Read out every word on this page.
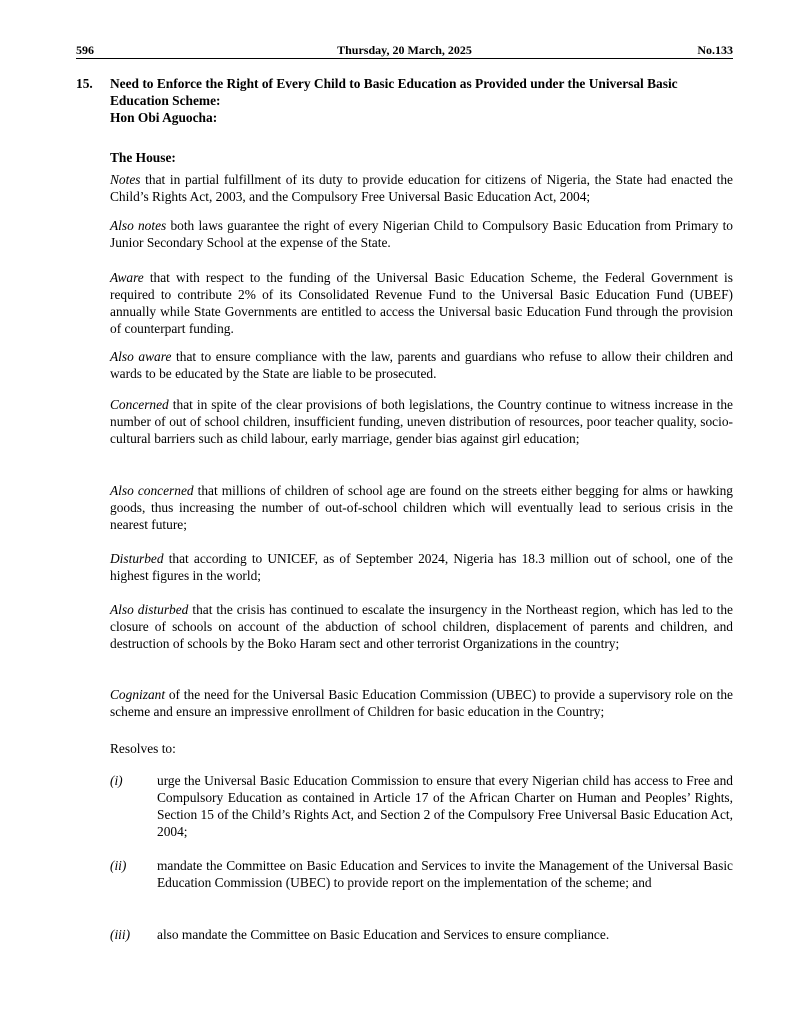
596	Thursday, 20 March, 2025	No.133
15. Need to Enforce the Right of Every Child to Basic Education as Provided under the Universal Basic Education Scheme:
Hon Obi Aguocha:
The House:

Notes that in partial fulfillment of its duty to provide education for citizens of Nigeria, the State had enacted the Child’s Rights Act, 2003, and the Compulsory Free Universal Basic Education Act, 2004;

Also notes both laws guarantee the right of every Nigerian Child to Compulsory Basic Education from Primary to Junior Secondary School at the expense of the State.

Aware that with respect to the funding of the Universal Basic Education Scheme, the Federal Government is required to contribute 2% of its Consolidated Revenue Fund to the Universal Basic Education Fund (UBEF) annually while State Governments are entitled to access the Universal basic Education Fund through the provision of counterpart funding.

Also aware that to ensure compliance with the law, parents and guardians who refuse to allow their children and wards to be educated by the State are liable to be prosecuted.

Concerned that in spite of the clear provisions of both legislations, the Country continue to witness increase in the number of out of school children, insufficient funding, uneven distribution of resources, poor teacher quality, socio-cultural barriers such as child labour, early marriage, gender bias against girl education;

Also concerned that millions of children of school age are found on the streets either begging for alms or hawking goods, thus increasing the number of out-of-school children which will eventually lead to serious crisis in the nearest future;

Disturbed that according to UNICEF, as of September 2024, Nigeria has 18.3 million out of school, one of the highest figures in the world;

Also disturbed that the crisis has continued to escalate the insurgency in the Northeast region, which has led to the closure of schools on account of the abduction of school children, displacement of parents and children, and destruction of schools by the Boko Haram sect and other terrorist Organizations in the country;

Cognizant of the need for the Universal Basic Education Commission (UBEC) to provide a supervisory role on the scheme and ensure an impressive enrollment of Children for basic education in the Country;

Resolves to:
(i)	urge the Universal Basic Education Commission to ensure that every Nigerian child has access to Free and Compulsory Education as contained in Article 17 of the African Charter on Human and Peoples’ Rights, Section 15 of the Child’s Rights Act, and Section 2 of the Compulsory Free Universal Basic Education Act, 2004;
(ii) mandate the Committee on Basic Education and Services to invite the Management of the Universal Basic Education Commission (UBEC) to provide report on the implementation of the scheme; and
(iii) also mandate the Committee on Basic Education and Services to ensure compliance.
